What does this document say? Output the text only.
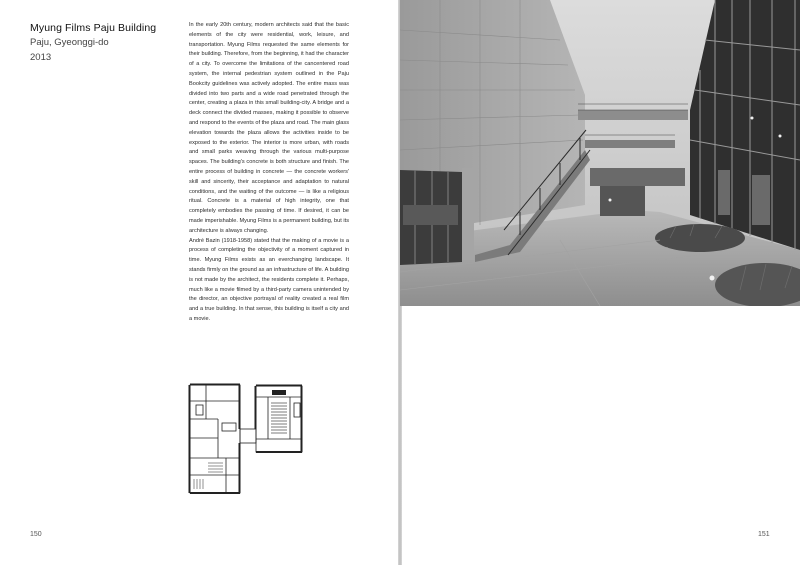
Myung Films Paju Building
Paju, Gyeonggi-do
2013

In the early 20th century, modern architects said that the basic elements of the city were residential, work, leisure, and transportation. Myung Films requested the same elements for their building. Therefore, from the beginning, it had the character of a city. To overcome the limitations of the cancentered road system, the internal pedestrian system outlined in the Paju Bookcity guidelines was actively adopted. The entire mass was divided into two parts and a wide road penetrated through the center, creating a plaza in this small building-city. A bridge and a deck connect the divided masses, making it possible to observe and respond to the events of the plaza and road. The main glass elevation towards the plaza allows the activities inside to be exposed to the exterior. The interior is more urban, with roads and small parks weaving through the various multi-purpose spaces. The building's concrete is both structure and finish. The entire process of building in concrete — the concrete workers' skill and sincerity, their acceptance and adaptation to natural conditions, and the waiting of the outcome — is like a religious ritual. Concrete is a material of high integrity, one that completely embodies the passing of time. If desired, it can be made imperishable. Myung Films is a permanent building, but its architecture is always changing.

André Bazin (1918-1958) stated that the making of a movie is a process of completing the objectivity of a moment captured in time. Myung Films exists as an everchanging landscape. It stands firmly on the ground as an infrastructure of life. A building is not made by the architect, the residents complete it. Perhaps, much like a movie filmed by a third-party camera unintended by the director, an objective portrayal of reality created a real film and a true building. In that sense, this building is itself a city and a movie.

150	151
